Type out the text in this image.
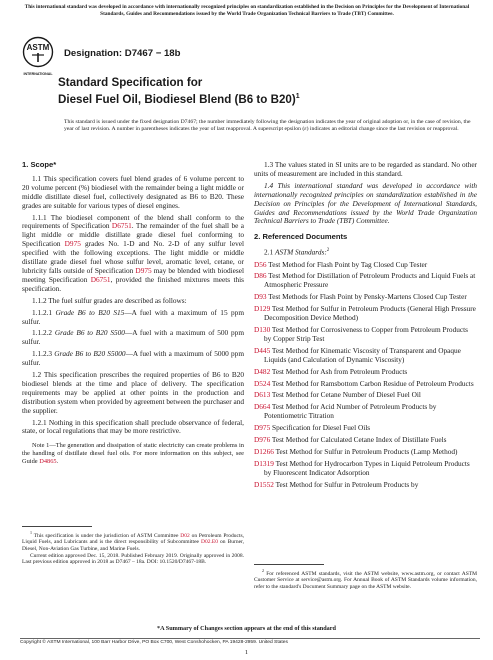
This international standard was developed in accordance with internationally recognized principles on standardization established in the Decision on Principles for the Development of International Standards, Guides and Recommendations issued by the World Trade Organization Technical Barriers to Trade (TBT) Committee.
ASTM
INTERNATIONAL
Designation: D7467 − 18b
Standard Specification for
Diesel Fuel Oil, Biodiesel Blend (B6 to B20)$^1$
This standard is issued under the fixed designation D7467; the number immediately following the designation indicates the year of original adoption or, in the case of revision, the year of last revision. A number in parentheses indicates the year of last reapproval. A superscript epsilon (ε) indicates an editorial change since the last revision or reapproval.

1. Scope*

1.1 This specification covers fuel blend grades of 6 volume percent to 20 volume percent (%) biodiesel with the remainder being a light middle or middle distillate diesel fuel, collectively designated as B6 to B20. These grades are suitable for various types of diesel engines.

1.1.1 The biodiesel component of the blend shall conform to the requirements of Specification D6751. The remainder of the fuel shall be a light middle or middle distillate grade diesel fuel conforming to Specification D975 grades No. 1-D and No. 2-D of any sulfur level specified with the following exceptions. The light middle or middle distillate grade diesel fuel whose sulfur level, aromatic level, cetane, or lubricity falls outside of Specification D975 may be blended with biodiesel meeting Specification D6751, provided the finished mixtures meets this specification.

1.1.2 The fuel sulfur grades are described as follows:

1.1.2.1 Grade B6 to B20 S15—A fuel with a maximum of 15 ppm sulfur.

1.1.2.2 Grade B6 to B20 S500—A fuel with a maximum of 500 ppm sulfur.

1.1.2.3 Grade B6 to B20 S5000—A fuel with a maximum of 5000 ppm sulfur.

1.2 This specification prescribes the required properties of B6 to B20 biodiesel blends at the time and place of delivery. The specification requirements may be applied at other points in the production and distribution system when provided by agreement between the purchaser and the supplier.

1.2.1 Nothing in this specification shall preclude observance of federal, state, or local regulations that may be more restrictive.

Note 1—The generation and dissipation of static electricity can create problems in the handling of distillate diesel fuel oils. For more information on this subject, see Guide D4865.

1.3 The values stated in SI units are to be regarded as standard. No other units of measurement are included in this standard.

1.4 This international standard was developed in accordance with internationally recognized principles on standardization established in the Decision on Principles for the Development of International Standards, Guides and Recommendations issued by the World Trade Organization Technical Barriers to Trade (TBT) Committee.

2. Referenced Documents

2.1 ASTM Standards:$^2$

D56 Test Method for Flash Point by Tag Closed Cup Tester

D86 Test Method for Distillation of Petroleum Products and Liquid Fuels at Atmospheric Pressure

D93 Test Methods for Flash Point by Pensky-Martens Closed Cup Tester

D129 Test Method for Sulfur in Petroleum Products (General High Pressure Decomposition Device Method)

D130 Test Method for Corrosiveness to Copper from Petroleum Products by Copper Strip Test

D445 Test Method for Kinematic Viscosity of Transparent and Opaque Liquids (and Calculation of Dynamic Viscosity)

D482 Test Method for Ash from Petroleum Products

D524 Test Method for Ramsbottom Carbon Residue of Petroleum Products

D613 Test Method for Cetane Number of Diesel Fuel Oil

D664 Test Method for Acid Number of Petroleum Products by Potentiometric Titration

D975 Specification for Diesel Fuel Oils

D976 Test Method for Calculated Cetane Index of Distillate Fuels

D1266 Test Method for Sulfur in Petroleum Products (Lamp Method)

D1319 Test Method for Hydrocarbon Types in Liquid Petroleum Products by Fluorescent Indicator Adsorption

D1552 Test Method for Sulfur in Petroleum Products by

$^1$ This specification is under the jurisdiction of ASTM Committee D02 on Petroleum Products, Liquid Fuels, and Lubricants and is the direct responsibility of Subcommittee D02.E0 on Burner, Diesel, Non-Aviation Gas Turbine, and Marine Fuels.
Current edition approved Dec. 15, 2018. Published February 2019. Originally approved in 2008. Last previous edition approved in 2018 as D7467 – 18a. DOI: 10.1520/D7467-18B.
$^2$ For referenced ASTM standards, visit the ASTM website, www.astm.org, or contact ASTM Customer Service at service@astm.org. For Annual Book of ASTM Standards volume information, refer to the standard's Document Summary page on the ASTM website.
*A Summary of Changes section appears at the end of this standard
Copyright © ASTM International, 100 Barr Harbor Drive, PO Box C700, West Conshohocken, PA 19428-2959. United States
1
